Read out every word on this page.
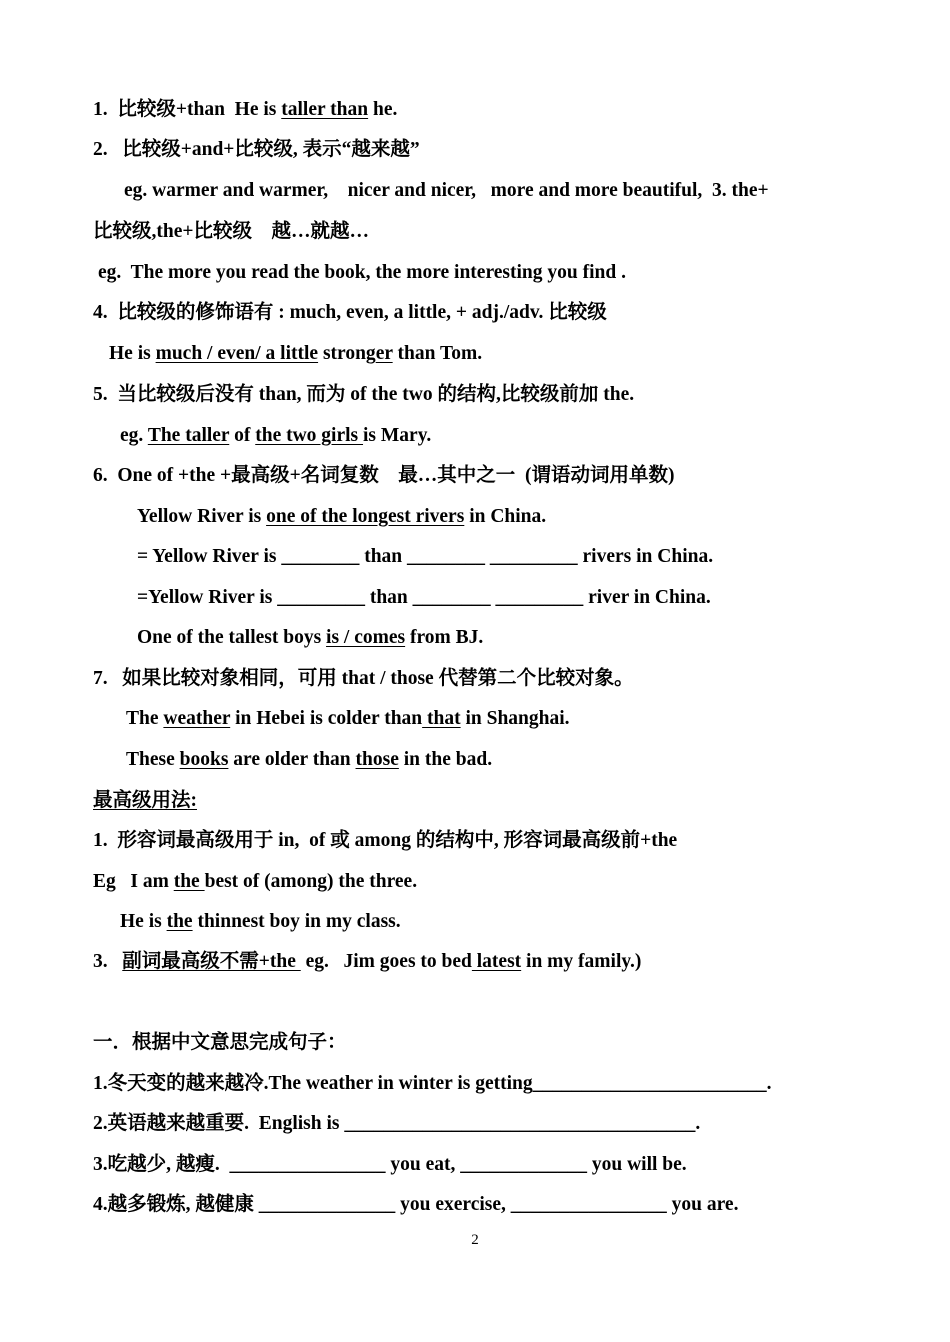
1.  比较级+than  He is taller than he.
2.   比较级+and+比较级, 表示“越来越”
eg. warmer and warmer,    nicer and nicer,   more and more beautiful,  3. the+
比较级,the+比较级    越…就越…
eg.  The more you read the book, the more interesting you find .
4.  比较级的修饰语有 : much, even, a little, + adj./adv. 比较级
He is much / even/ a little stronger than Tom.
5.  当比较级后没有 than, 而为 of the two 的结构,比较级前加 the.
eg. The taller of the two girls is Mary.
6.  One of +the +最高级+名词复数    最…其中之一  (谓语动词用单数)
Yellow River is one of the longest rivers in China.
= Yellow River is ________ than ________ _________ rivers in China.
=Yellow River is _________ than ________ _________ river in China.
One of the tallest boys is / comes from BJ.
7.   如果比较对象相同，可用 that / those 代替第二个比较对象。
The weather in Hebei is colder than that in Shanghai.
These books are older than those in the bad.
最高级用法:
1.  形容词最高级用于 in,  of 或 among 的结构中, 形容词最高级前+the
Eg   I am the best of (among) the three.
He is the thinnest boy in my class.
3.   副词最高级不需+the  eg.   Jim goes to bed latest in my family.)
一．根据中文意思完成句子：
1.冬天变的越来越冷.The weather in winter is getting________________________.
2.英语越来越重要.  English is ____________________________________.
3.吃越少, 越瘦.  ________________ you eat, _____________ you will be.
4.越多锻炼, 越健康 ______________ you exercise, ________________ you are.
2
